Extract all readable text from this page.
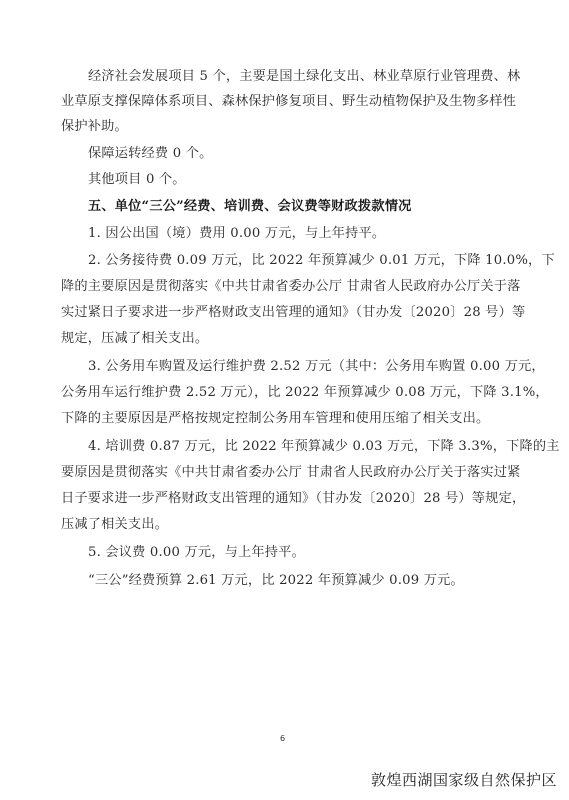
经济社会发展项目 5 个，主要是国土绿化支出、林业草原行业管理费、林
业草原支撑保障体系项目、森林保护修复项目、野生动植物保护及生物多样性
保护补助。
保障运转经费 0 个。
其他项目 0 个。
五、单位“三公”经费、培训费、会议费等财政拨款情况
1. 因公出国（境）费用 0.00 万元，与上年持平。
2. 公务接待费 0.09 万元，比 2022 年预算减少 0.01 万元，下降 10.0%，下
降的主要原因是贯彻落实《中共甘肃省委办公厅 甘肃省人民政府办公厅关于落
实过紧日子要求进一步严格财政支出管理的通知》（甘办发〔2020〕28 号）等
规定，压减了相关支出。
3. 公务用车购置及运行维护费 2.52 万元（其中：公务用车购置 0.00 万元，
公务用车运行维护费 2.52 万元），比 2022 年预算减少 0.08 万元，下降 3.1%，
下降的主要原因是严格按规定控制公务用车管理和使用压缩了相关支出。
4. 培训费 0.87 万元，比 2022 年预算减少 0.03 万元，下降 3.3%，下降的主
要原因是贯彻落实《中共甘肃省委办公厅 甘肃省人民政府办公厅关于落实过紧
日子要求进一步严格财政支出管理的通知》（甘办发〔2020〕28 号）等规定，
压减了相关支出。
5. 会议费 0.00 万元，与上年持平。
“三公”经费预算 2.61 万元，比 2022 年预算减少 0.09 万元。
6
敦煌西湖国家级自然保护区
